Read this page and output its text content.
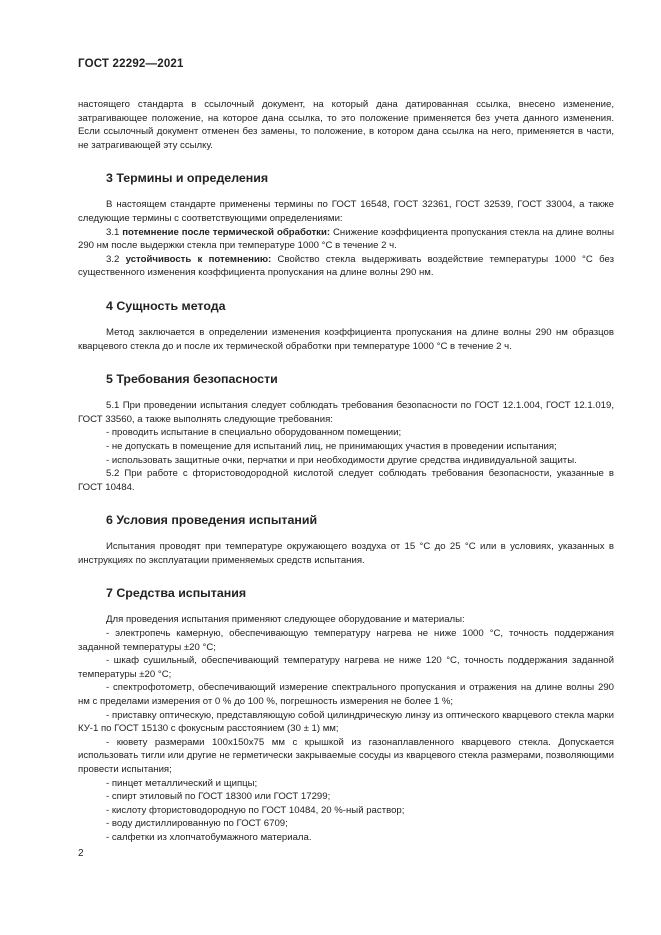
ГОСТ 22292—2021

настоящего стандарта в ссылочный документ, на который дана датированная ссылка, внесено изменение, затрагивающее положение, на которое дана ссылка, то это положение применяется без учета данного изменения. Если ссылочный документ отменен без замены, то положение, в котором дана ссылка на него, применяется в части, не затрагивающей эту ссылку.

3 Термины и определения

В настоящем стандарте применены термины по ГОСТ 16548, ГОСТ 32361, ГОСТ 32539, ГОСТ 33004, а также следующие термины с соответствующими определениями:

3.1 потемнение после термической обработки: Снижение коэффициента пропускания стекла на длине волны 290 нм после выдержки стекла при температуре 1000 °С в течение 2 ч.

3.2 устойчивость к потемнению: Свойство стекла выдерживать воздействие температуры 1000 °С без существенного изменения коэффициента пропускания на длине волны 290 нм.

4 Сущность метода

Метод заключается в определении изменения коэффициента пропускания на длине волны 290 нм образцов кварцевого стекла до и после их термической обработки при температуре 1000 °С в течение 2 ч.

5 Требования безопасности

5.1 При проведении испытания следует соблюдать требования безопасности по ГОСТ 12.1.004, ГОСТ 12.1.019, ГОСТ 33560, а также выполнять следующие требования:

- проводить испытание в специально оборудованном помещении;

- не допускать в помещение для испытаний лиц, не принимающих участия в проведении испытания;

- использовать защитные очки, перчатки и при необходимости другие средства индивидуальной защиты.

5.2 При работе с фтористоводородной кислотой следует соблюдать требования безопасности, указанные в ГОСТ 10484.

6 Условия проведения испытаний

Испытания проводят при температуре окружающего воздуха от 15 °С до 25 °С или в условиях, указанных в инструкциях по эксплуатации применяемых средств испытания.

7 Средства испытания

Для проведения испытания применяют следующее оборудование и материалы:

- электропечь камерную, обеспечивающую температуру нагрева не ниже 1000 °С, точность поддержания заданной температуры ±20 °С;

- шкаф сушильный, обеспечивающий температуру нагрева не ниже 120 °С, точность поддержания заданной температуры ±20 °С;

- спектрофотометр, обеспечивающий измерение спектрального пропускания и отражения на длине волны 290 нм с пределами измерения от 0 % до 100 %, погрешность измерения не более 1 %;

- приставку оптическую, представляющую собой цилиндрическую линзу из оптического кварцевого стекла марки КУ-1 по ГОСТ 15130 с фокусным расстоянием (30 ± 1) мм;

- кювету размерами 100x150x75 мм с крышкой из газонаплавленного кварцевого стекла. Допускается использовать тигли или другие не герметически закрываемые сосуды из кварцевого стекла размерами, позволяющими провести испытания;

- пинцет металлический и щипцы;

- спирт этиловый по ГОСТ 18300 или ГОСТ 17299;

- кислоту фтористоводородную по ГОСТ 10484, 20 %-ный раствор;

- воду дистиллированную по ГОСТ 6709;

- салфетки из хлопчатобумажного материала.

2
